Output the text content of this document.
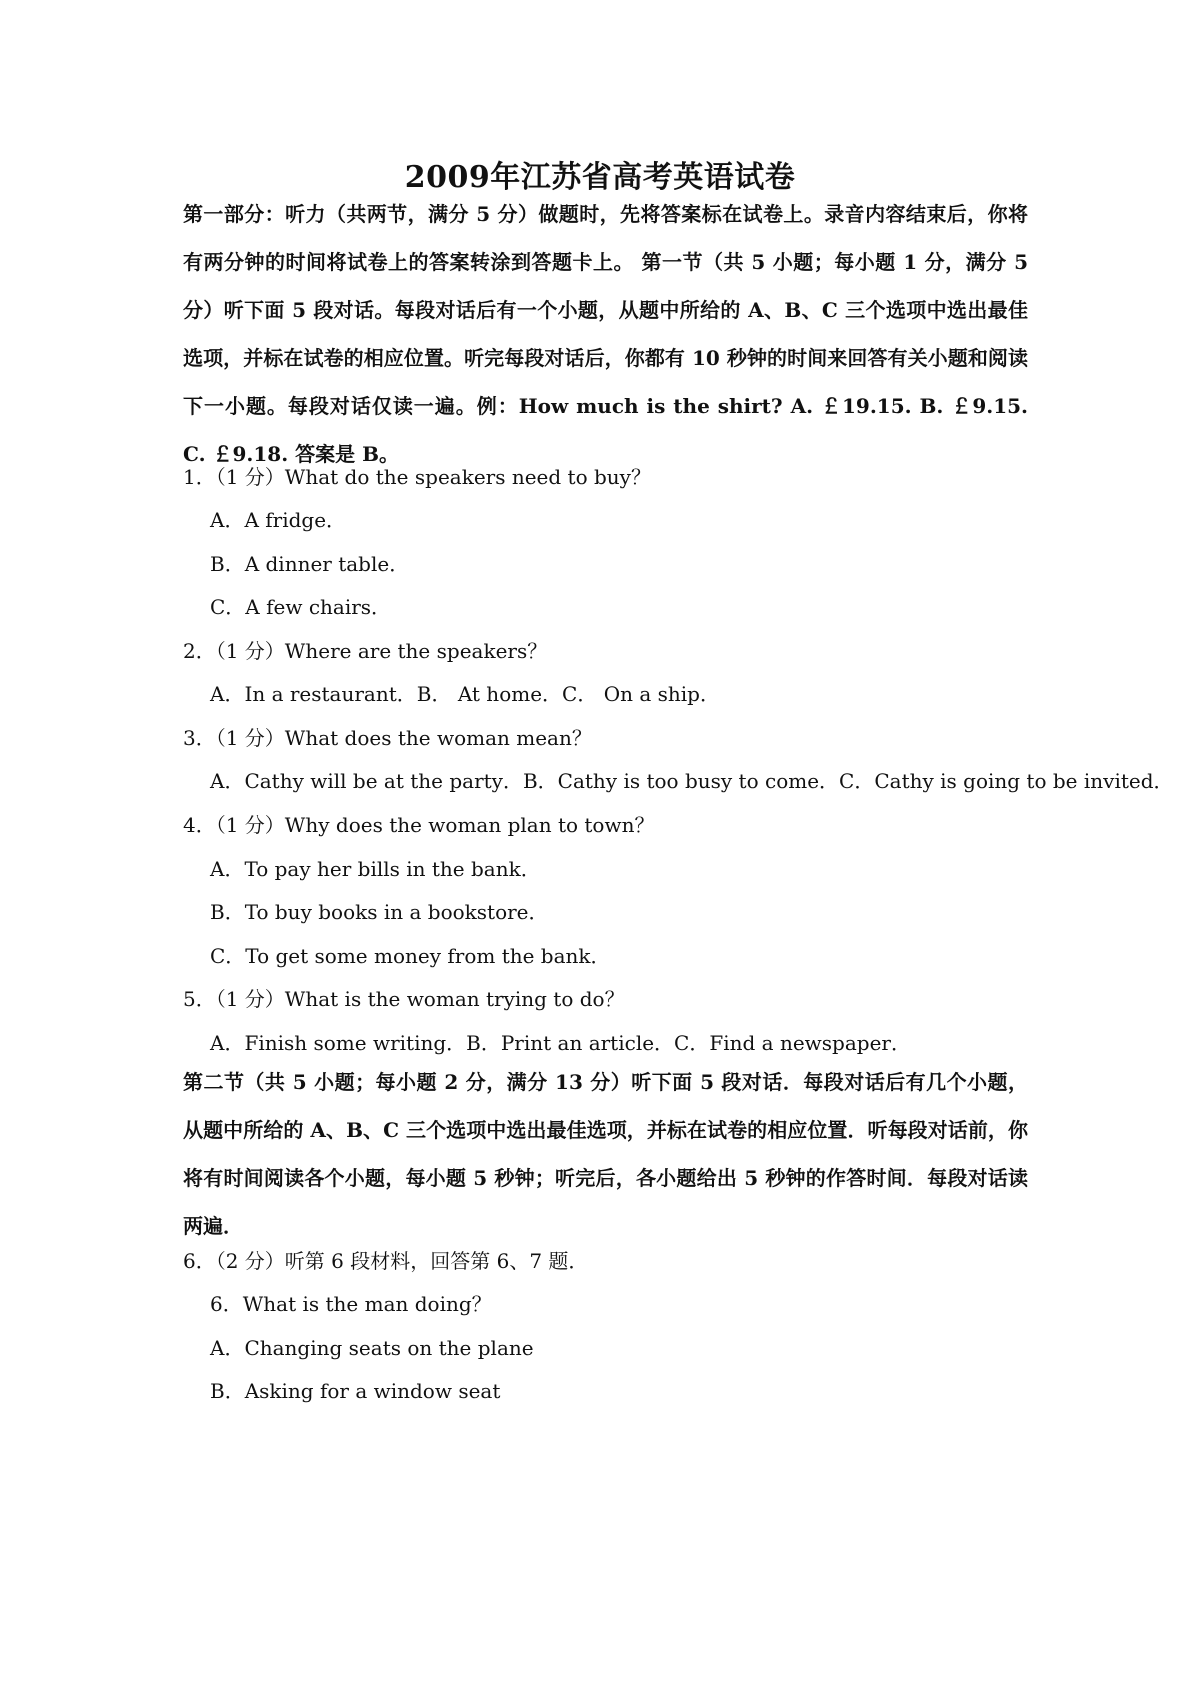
2009年江苏省高考英语试卷
第一部分：听力（共两节，满分 5 分）做题时，先将答案标在试卷上。录音内容结束后，你将有两分钟的时间将试卷上的答案转涂到答题卡上。 第一节（共 5 小题；每小题 1 分，满分 5 分）听下面 5 段对话。每段对话后有一个小题，从题中所给的 A、B、C 三个选项中选出最佳选项，并标在试卷的相应位置。听完每段对话后，你都有 10 秒钟的时间来回答有关小题和阅读下一小题。每段对话仅读一遍。例：How much is the shirt? A. ￡19.15. B. ￡9.15. C. ￡9.18. 答案是 B。
1．（1 分）What do the speakers need to buy？
A．A fridge．
B．A dinner table．
C．A few chairs．
2．（1 分）Where are the speakers？
A．In a restaurant．B． At home．C． On a ship．
3．（1 分）What does the woman mean？
A．Cathy will be at the party．B．Cathy is too busy to come．C．Cathy is going to be invited．
4．（1 分）Why does the woman plan to town？
A．To pay her bills in the bank．
B．To buy books in a bookstore．
C．To get some money from the bank．
5．（1 分）What is the woman trying to do？
A．Finish some writing．B．Print an article．C．Find a newspaper．
第二节（共 5 小题；每小题 2 分，满分 13 分）听下面 5 段对话．每段对话后有几个小题，从题中所给的 A、B、C 三个选项中选出最佳选项，并标在试卷的相应位置．听每段对话前，你将有时间阅读各个小题，每小题 5 秒钟；听完后，各小题给出 5 秒钟的作答时间．每段对话读两遍．
6．（2 分）听第 6 段材料，回答第 6、7 题．
6．What is the man doing？
A．Changing seats on the plane
B．Asking for a window seat
